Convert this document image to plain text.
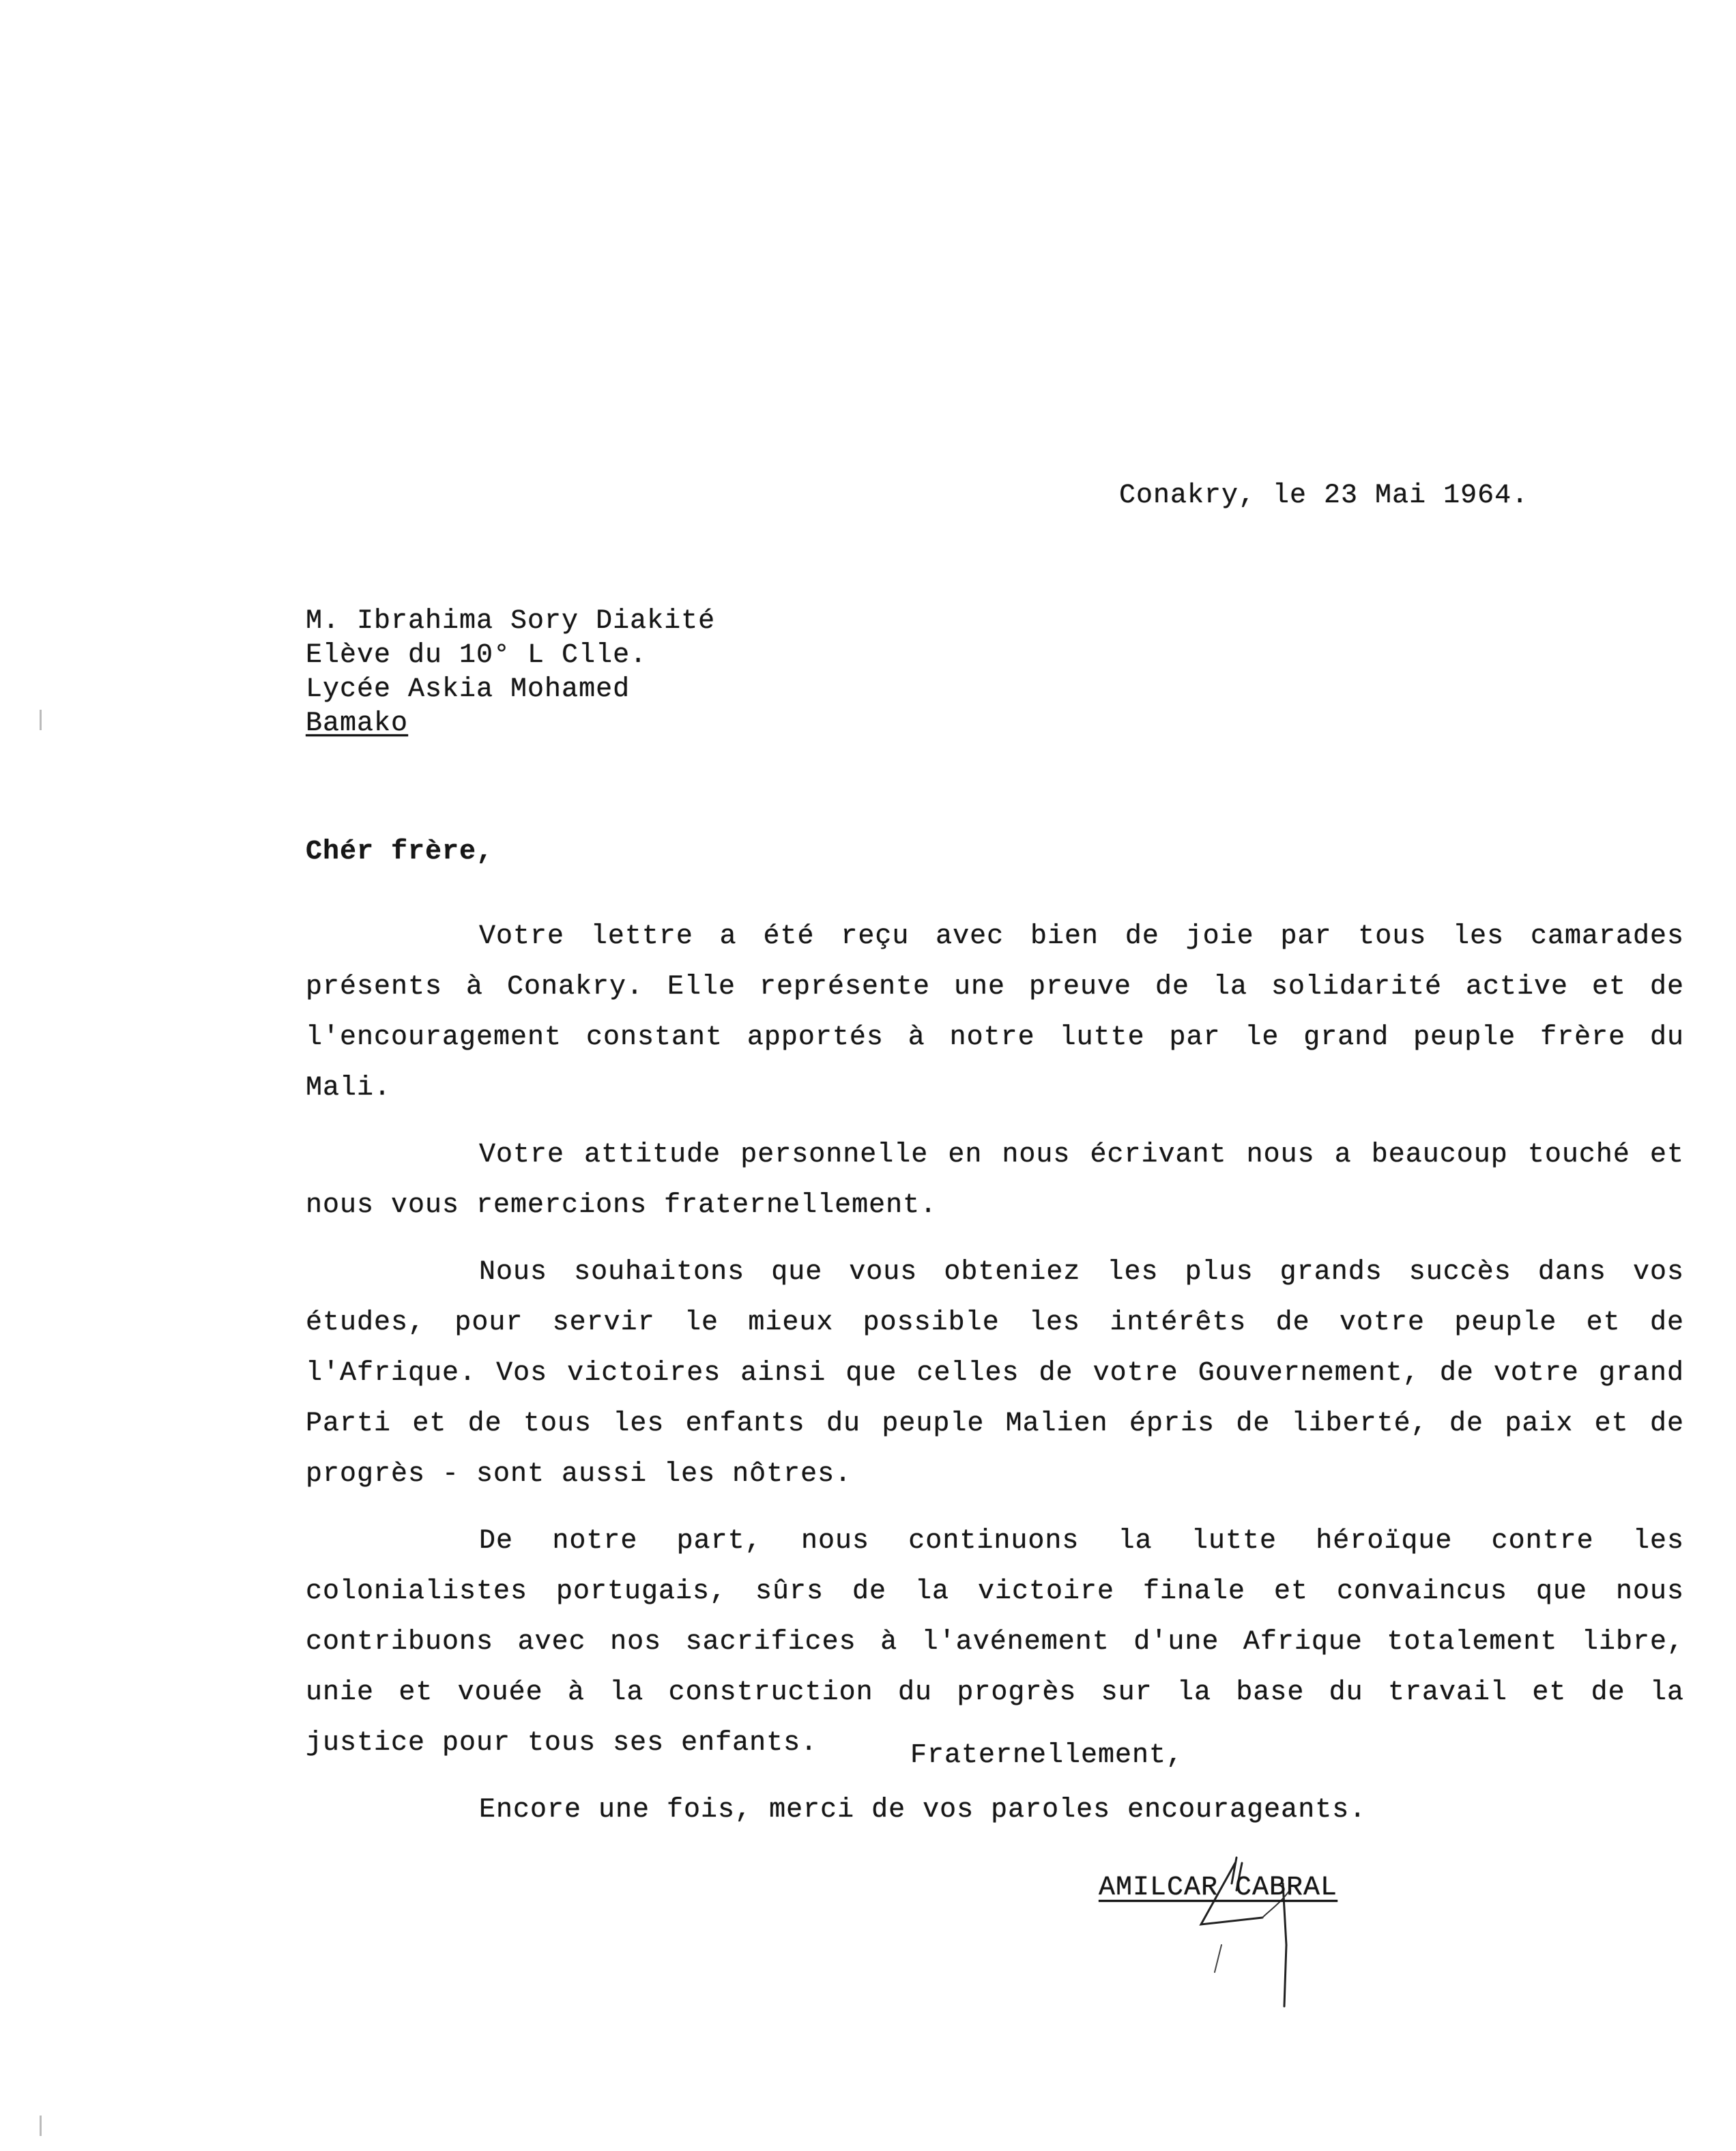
Conakry, le 23 Mai 1964.
M. Ibrahima Sory Diakité
Elève du 10° L Clle.
Lycée Askia Mohamed
Bamako
Chér frère,

Votre lettre a été reçu avec bien de joie par tous les camarades présents à Conakry. Elle représente une preuve de la solidarité active et de l'encouragement constant apportés à notre lutte par le grand peuple frère du Mali.

Votre attitude personnelle en nous écrivant nous a beaucoup touché et nous vous remercions fraternellement.

Nous souhaitons que vous obteniez les plus grands succès dans vos études, pour servir le mieux possible les intérêts de votre peuple et de l'Afrique. Vos victoires ainsi que celles de votre Gouvernement, de votre grand Parti et de tous les enfants du peuple Malien épris de liberté, de paix et de progrès - sont aussi les nôtres.

De notre part, nous continuons la lutte héroïque contre les colonialistes portugais, sûrs de la victoire finale et convaincus que nous contribuons avec nos sacrifices à l'avénement d'une Afrique totalement libre, unie et vouée à la construction du progrès sur la base du travail et de la justice pour tous ses enfants.

Encore une fois, merci de vos paroles encourageants.

Fraternellement,
AMILCAR CABRAL
